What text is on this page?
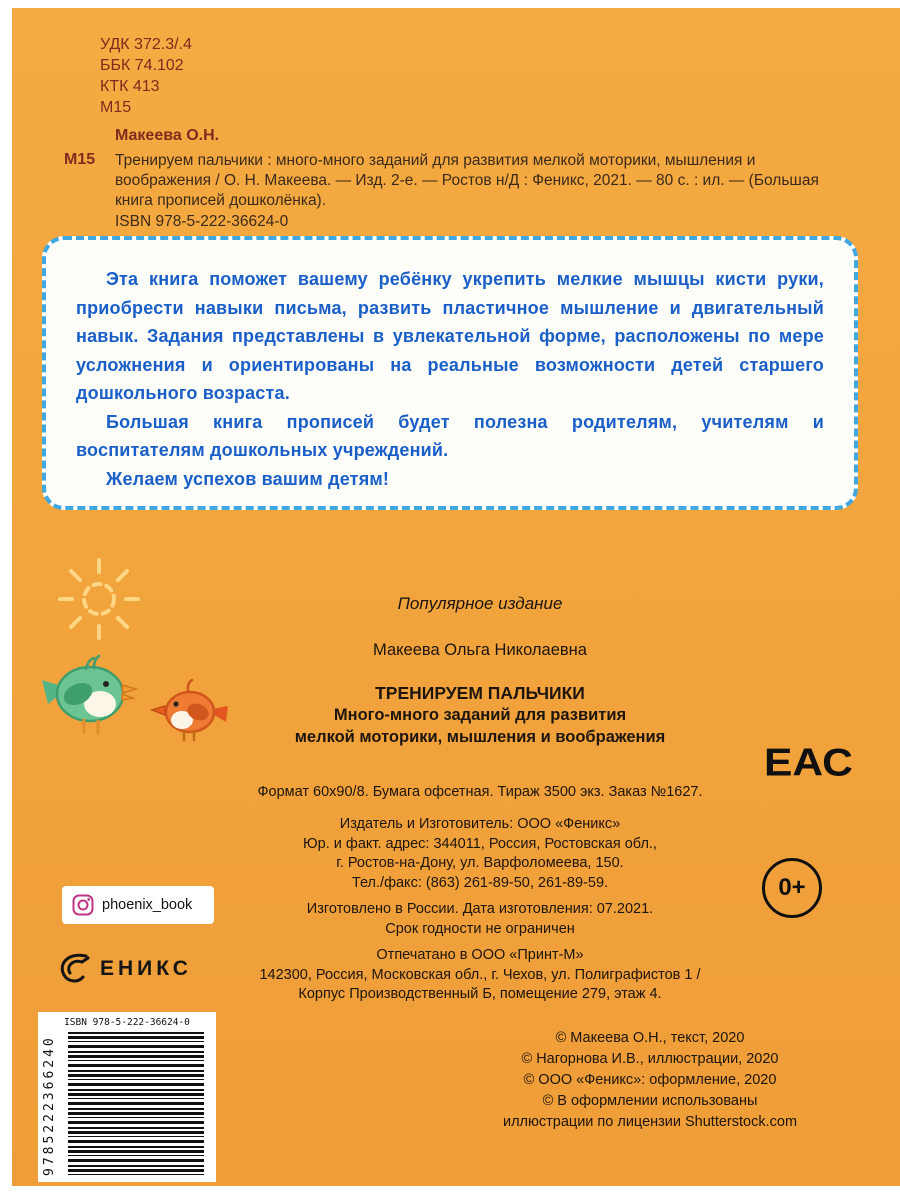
УДК 372.3/.4
ББК 74.102
КТК 413
М15
Макеева О.Н.
М15 Тренируем пальчики : много-много заданий для развития мелкой моторики, мышления и воображения / О. Н. Макеева. — Изд. 2-е. — Ростов н/Д : Феникс, 2021. — 80 с. : ил. — (Большая книга прописей дошколёнка).
ISBN 978-5-222-36624-0

Эта книга поможет вашему ребёнку укрепить мелкие мышцы кисти руки, приобрести навыки письма, развить пластичное мышление и двигательный навык. Задания представлены в увлекательной форме, расположены по мере усложнения и ориентированы на реальные возможности детей старшего дошкольного возраста.

Большая книга прописей будет полезна родителям, учителям и воспитателям дошкольных учреждений.

Желаем успехов вашим детям!

Популярное издание
Макеева Ольга Николаевна
ТРЕНИРУЕМ ПАЛЬЧИКИ
Много-много заданий для развития
мелкой моторики, мышления и воображения
Формат 60х90/8. Бумага офсетная. Тираж 3500 экз. Заказ №1627.
Издатель и Изготовитель: ООО «Феникс»
Юр. и факт. адрес: 344011, Россия, Ростовская обл.,
г. Ростов-на-Дону, ул. Варфоломеева, 150.
Тел./факс: (863) 261-89-50, 261-89-59.
Изготовлено в России. Дата изготовления: 07.2021.
Срок годности не ограничен
Отпечатано в ООО «Принт-М»
142300, Россия, Московская обл., г. Чехов, ул. Полиграфистов 1 /
Корпус Производственный Б, помещение 279, этаж 4.
© Макеева О.Н., текст, 2020
© Нагорнова И.В., иллюстрации, 2020
© ООО «Феникс»: оформление, 2020
© В оформлении использованы
иллюстрации по лицензии Shutterstock.com
phoenix_book
ЕНИКС
ISBN 978-5-222-36624-0
9785222366240
ЕАС
0+
